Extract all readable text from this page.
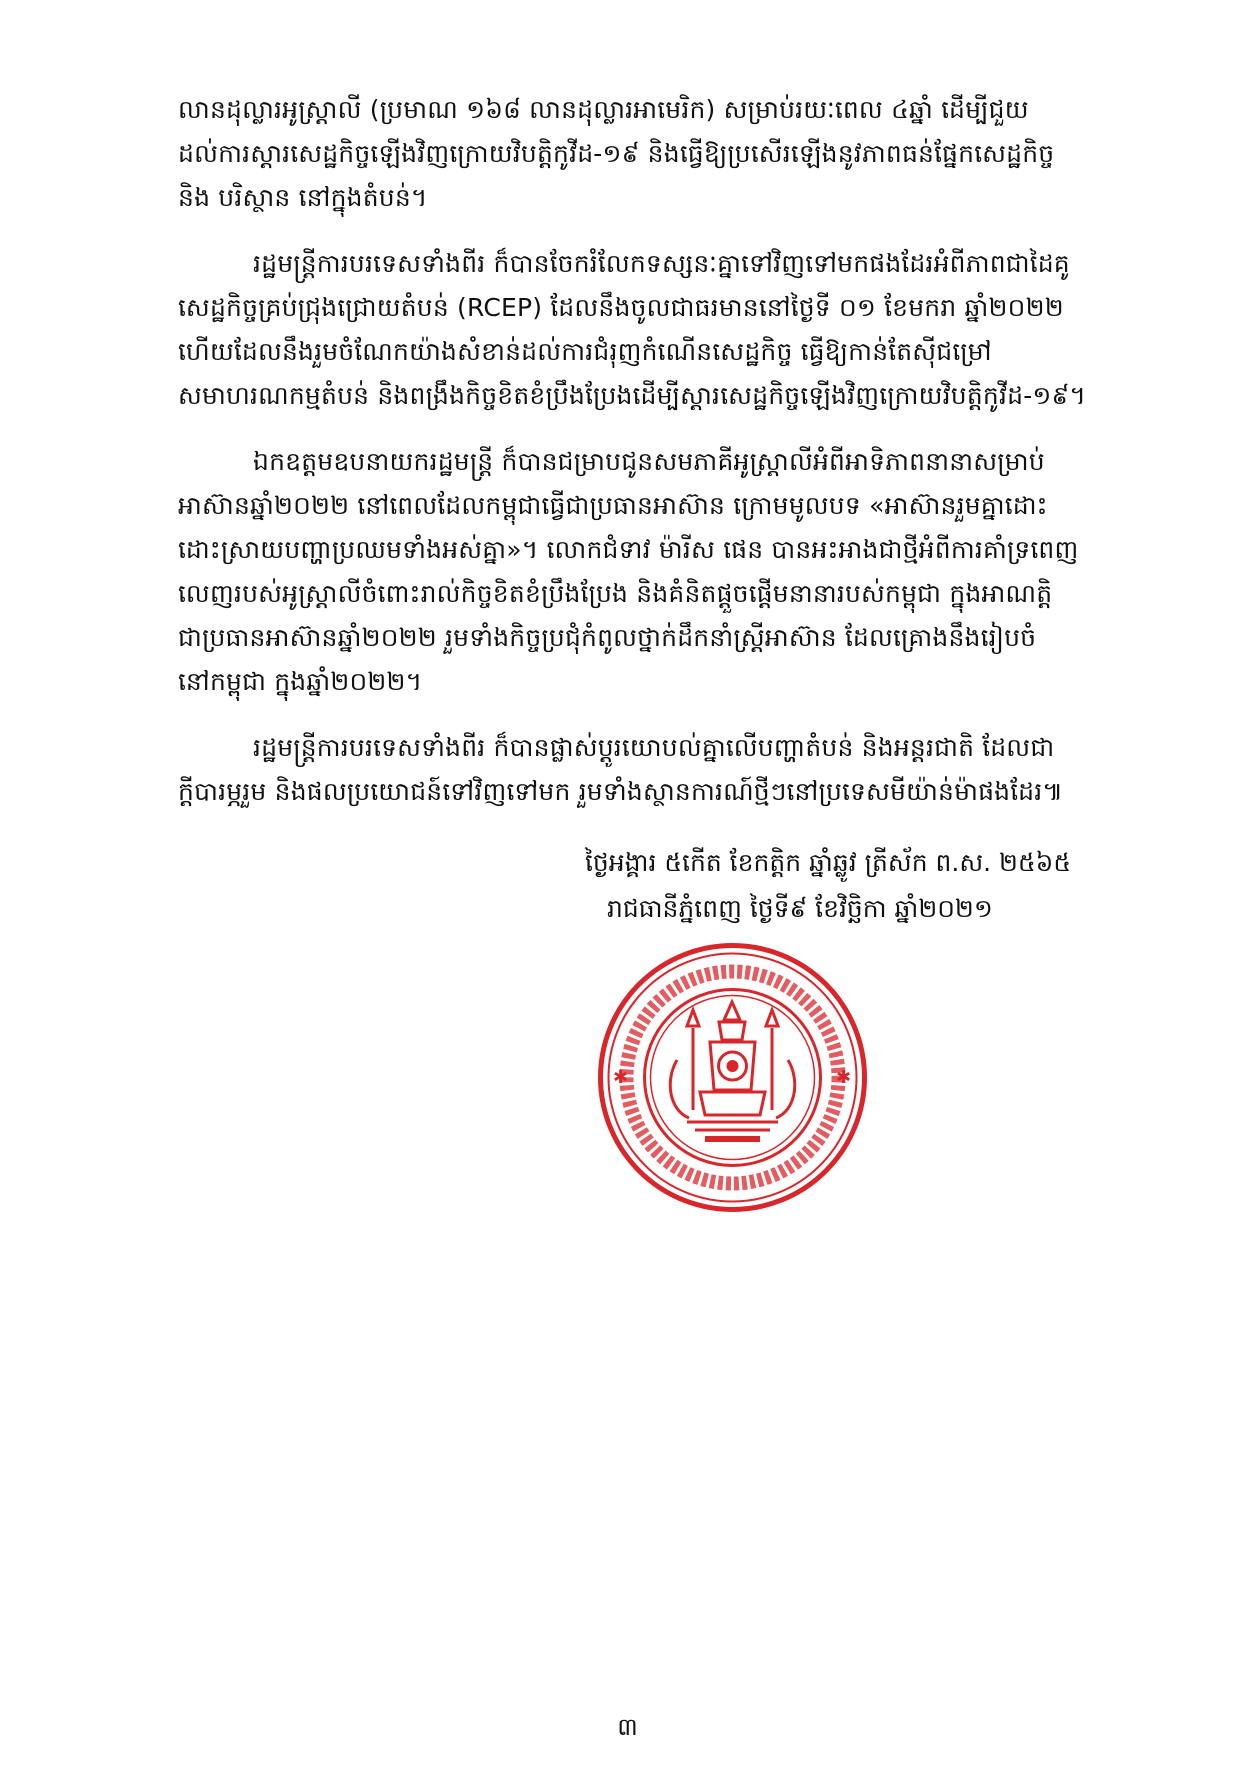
លានដុល្លារអូស្ត្រាលី (ប្រមាណ ១៦៨ លានដុល្លារអាមេរិក) សម្រាប់រយៈពេល ៤ឆ្នាំ ដើម្បីជួយ
ដល់ការស្តារសេដ្ឋកិច្ចឡើងវិញក្រោយវិបត្តិកូវីដ-១៩ និងធ្វើឱ្យប្រសើរឡើងនូវភាពធន់ផ្នែកសេដ្ឋកិច្ច
និង បរិស្ថាន នៅក្នុងតំបន់។

រដ្ឋមន្ត្រីការបរទេសទាំងពីរ ក៏បានចែករំលែកទស្សនៈគ្នាទៅវិញទៅមកផងដែរអំពីភាពជាដៃគូ
សេដ្ឋកិច្ចគ្រប់ជ្រុងជ្រោយតំបន់ (RCEP) ដែលនឹងចូលជាធរមាននៅថ្ងៃទី ០១ ខែមករា ឆ្នាំ២០២២
ហើយដែលនឹងរួមចំណែកយ៉ាងសំខាន់ដល់ការជំរុញកំណើនសេដ្ឋកិច្ច ធ្វើឱ្យកាន់តែស៊ីជម្រៅ
សមាហរណកម្មតំបន់ និងពង្រឹងកិច្ចខិតខំប្រឹងប្រែងដើម្បីស្តារសេដ្ឋកិច្ចឡើងវិញក្រោយវិបត្តិកូវីដ-១៩។

ឯកឧត្តមឧបនាយករដ្ឋមន្ត្រី ក៏បានជម្រាបជូនសមភាគីអូស្ត្រាលីអំពីអាទិភាពនានាសម្រាប់
អាស៊ានឆ្នាំ២០២២ នៅពេលដែលកម្ពុជាធ្វើជាប្រធានអាស៊ាន ក្រោមមូលបទ «អាស៊ានរួមគ្នាដោះ
ដោះស្រាយបញ្ហាប្រឈមទាំងអស់គ្នា»។ លោកជំទាវ ម៉ារីស ផេន បានអះអាងជាថ្មីអំពីការគាំទ្រពេញ
លេញរបស់អូស្ត្រាលីចំពោះរាល់កិច្ចខិតខំប្រឹងប្រែង និងគំនិតផ្តួចផ្តើមនានារបស់កម្ពុជា ក្នុងអាណត្តិ
ជាប្រធានអាស៊ានឆ្នាំ២០២២ រួមទាំងកិច្ចប្រជុំកំពូលថ្នាក់ដឹកនាំស្ត្រីអាស៊ាន ដែលគ្រោងនឹងរៀបចំ
នៅកម្ពុជា ក្នុងឆ្នាំ២០២២។

រដ្ឋមន្ត្រីការបរទេសទាំងពីរ ក៏បានផ្លាស់ប្តូរយោបល់គ្នាលើបញ្ហាតំបន់ និងអន្តរជាតិ ដែលជា
ក្តីបារម្ភរួម និងផលប្រយោជន៍ទៅវិញទៅមក រួមទាំងស្ថានការណ៍ថ្មីៗនៅប្រទេសមីយ៉ាន់ម៉ាផងដែរ៕

ថ្ងៃអង្គារ ៥កើត ខែកត្តិក ឆ្នាំឆ្លូវ ត្រីស័ក ព.ស. ២៥៦៥
រាជធានីភ្នំពេញ ថ្ងៃទី៩ ខែវិច្ឆិកា ឆ្នាំ២០២១
✱	✱
៣
